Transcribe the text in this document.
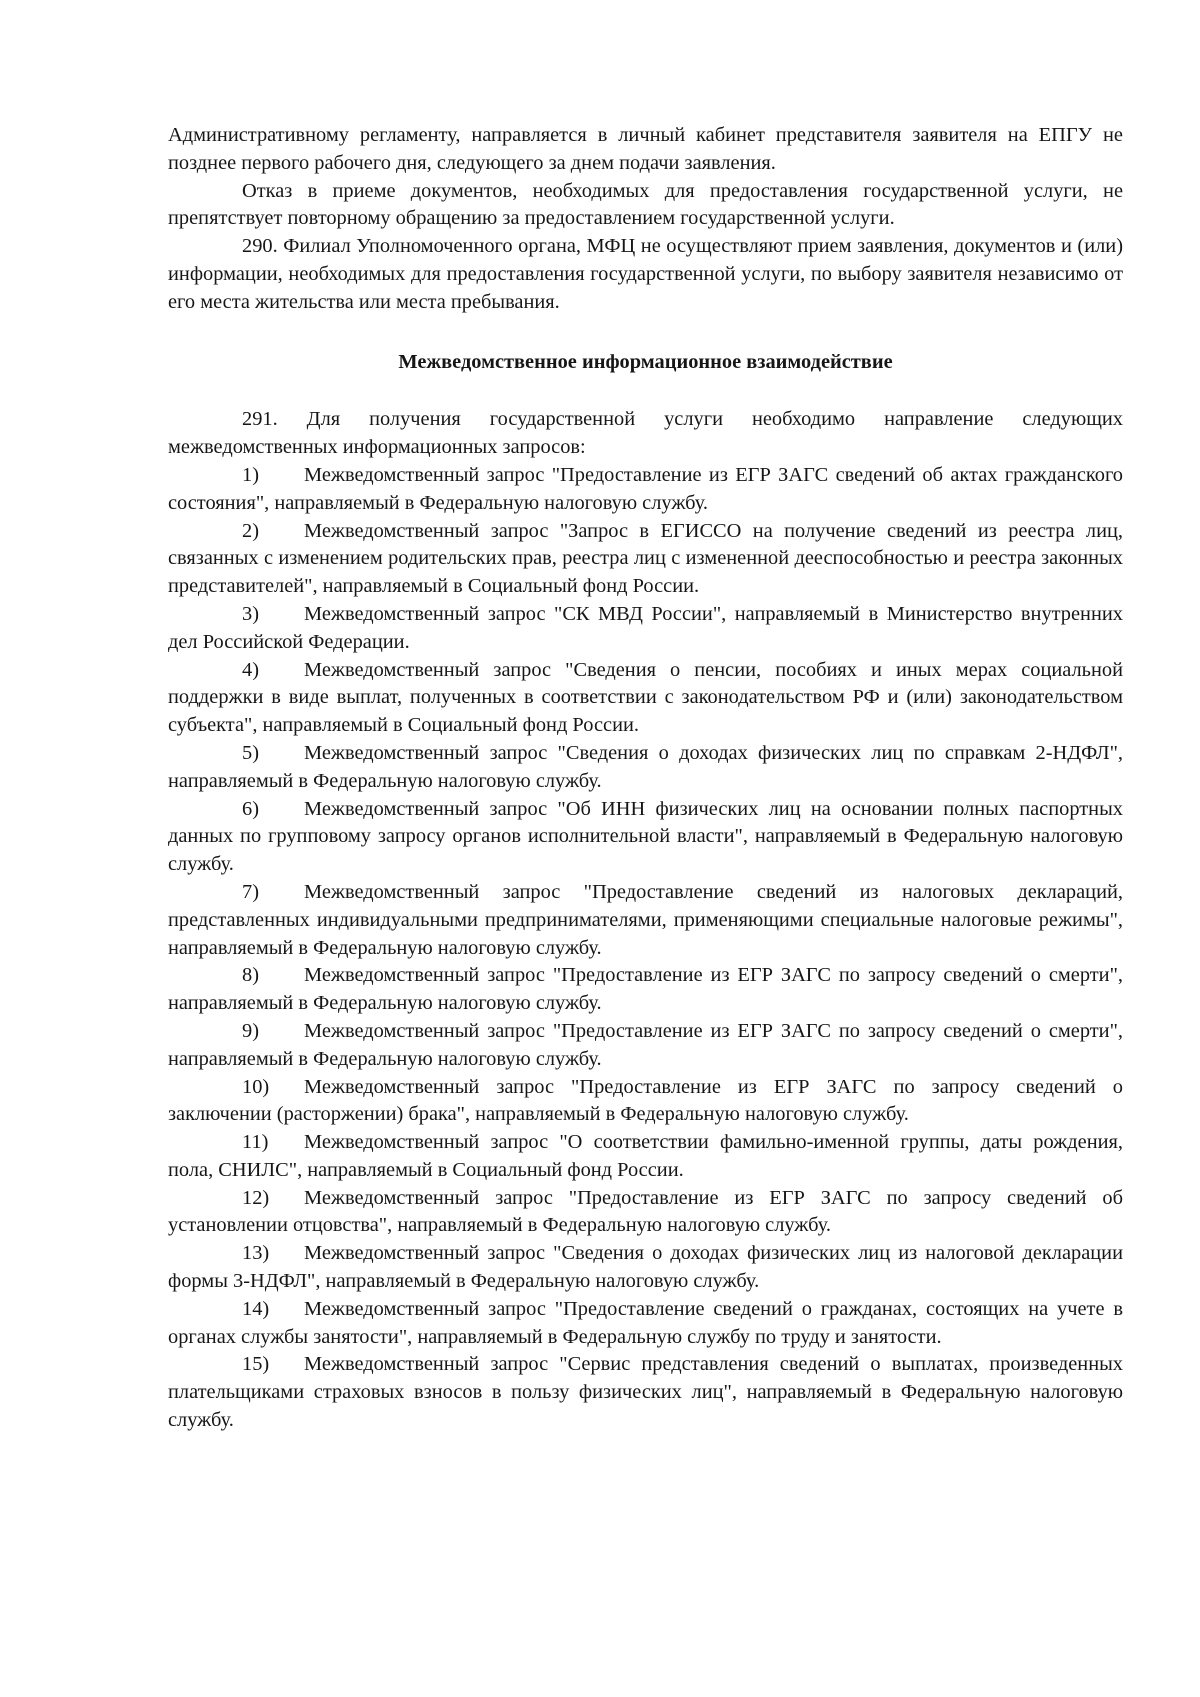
Административному регламенту, направляется в личный кабинет представителя заявителя на ЕПГУ не позднее первого рабочего дня, следующего за днем подачи заявления.

Отказ в приеме документов, необходимых для предоставления государственной услуги, не препятствует повторному обращению за предоставлением государственной услуги.

290. Филиал Уполномоченного органа, МФЦ не осуществляют прием заявления, документов и (или) информации, необходимых для предоставления государственной услуги, по выбору заявителя независимо от его места жительства или места пребывания.

Межведомственное информационное взаимодействие

291. Для получения государственной услуги необходимо направление следующих межведомственных информационных запросов:

1) Межведомственный запрос "Предоставление из ЕГР ЗАГС сведений об актах гражданского состояния", направляемый в Федеральную налоговую службу.

2) Межведомственный запрос "Запрос в ЕГИССО на получение сведений из реестра лиц, связанных с изменением родительских прав, реестра лиц с измененной дееспособностью и реестра законных представителей", направляемый в Социальный фонд России.

3) Межведомственный запрос "СК МВД России", направляемый в Министерство внутренних дел Российской Федерации.

4) Межведомственный запрос "Сведения о пенсии, пособиях и иных мерах социальной поддержки в виде выплат, полученных в соответствии с законодательством РФ и (или) законодательством субъекта", направляемый в Социальный фонд России.

5) Межведомственный запрос "Сведения о доходах физических лиц по справкам 2-НДФЛ", направляемый в Федеральную налоговую службу.

6) Межведомственный запрос "Об ИНН физических лиц на основании полных паспортных данных по групповому запросу органов исполнительной власти", направляемый в Федеральную налоговую службу.

7) Межведомственный запрос "Предоставление сведений из налоговых деклараций, представленных индивидуальными предпринимателями, применяющими специальные налоговые режимы", направляемый в Федеральную налоговую службу.

8) Межведомственный запрос "Предоставление из ЕГР ЗАГС по запросу сведений о смерти", направляемый в Федеральную налоговую службу.

9) Межведомственный запрос "Предоставление из ЕГР ЗАГС по запросу сведений о смерти", направляемый в Федеральную налоговую службу.

10) Межведомственный запрос "Предоставление из ЕГР ЗАГС по запросу сведений о заключении (расторжении) брака", направляемый в Федеральную налоговую службу.

11) Межведомственный запрос "О соответствии фамильно-именной группы, даты рождения, пола, СНИЛС", направляемый в Социальный фонд России.

12) Межведомственный запрос "Предоставление из ЕГР ЗАГС по запросу сведений об установлении отцовства", направляемый в Федеральную налоговую службу.

13) Межведомственный запрос "Сведения о доходах физических лиц из налоговой декларации формы 3-НДФЛ", направляемый в Федеральную налоговую службу.

14) Межведомственный запрос "Предоставление сведений о гражданах, состоящих на учете в органах службы занятости", направляемый в Федеральную службу по труду и занятости.

15) Межведомственный запрос "Сервис представления сведений о выплатах, произведенных плательщиками страховых взносов в пользу физических лиц", направляемый в Федеральную налоговую службу.
